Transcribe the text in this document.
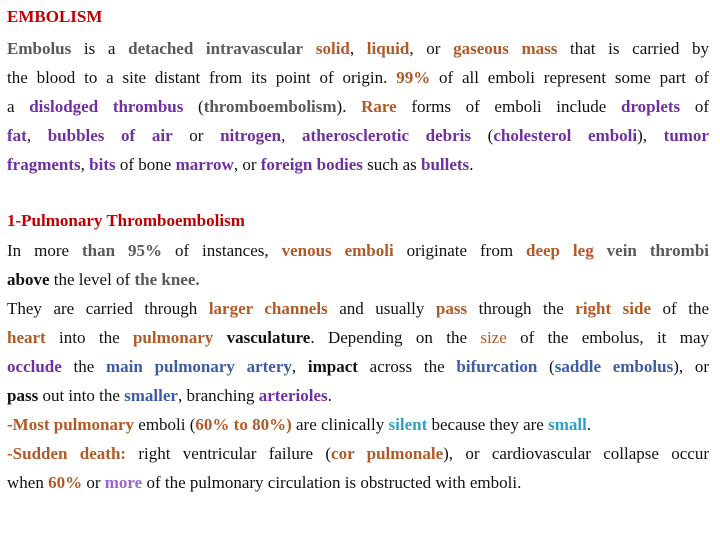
EMBOLISM
Embolus is a detached intravascular solid, liquid, or gaseous mass that is carried by
the blood to a site distant from its point of origin. 99% of all emboli represent some part of
a dislodged thrombus (thromboembolism). Rare forms of emboli include droplets of
fat, bubbles of air or nitrogen, atherosclerotic debris (cholesterol emboli), tumor
fragments, bits of bone marrow, or foreign bodies such as bullets.
1-Pulmonary Thromboembolism
In more than 95% of instances, venous emboli originate from deep leg vein thrombi
above the level of the knee.
They are carried through larger channels and usually pass through the right side of the
heart into the pulmonary vasculature. Depending on the size of the embolus, it may
occlude the main pulmonary artery, impact across the bifurcation (saddle embolus), or
pass out into the smaller, branching arterioles.
-Most pulmonary emboli (60% to 80%) are clinically silent because they are small.
-Sudden death: right ventricular failure (cor pulmonale), or cardiovascular collapse occur
when 60% or more of the pulmonary circulation is obstructed with emboli.
